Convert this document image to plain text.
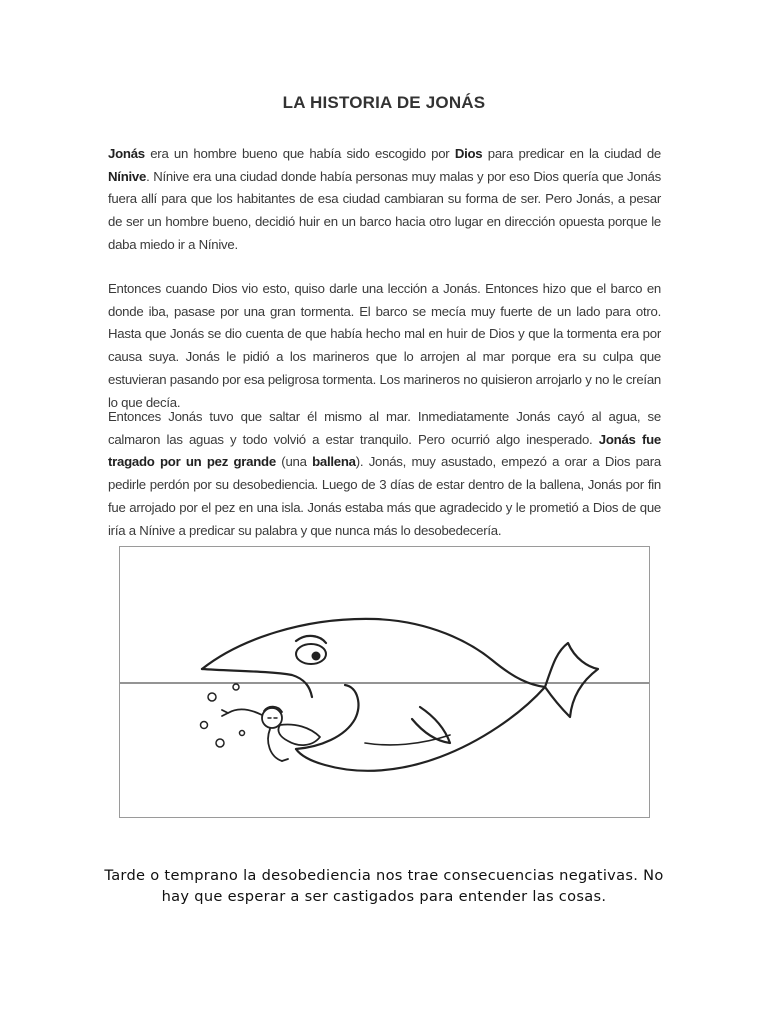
LA HISTORIA DE JONÁS

Jonás era un hombre bueno que había sido escogido por Dios para predicar en la ciudad de Nínive. Nínive era una ciudad donde había personas muy malas y por eso Dios quería que Jonás fuera allí para que los habitantes de esa ciudad cambiaran su forma de ser. Pero Jonás, a pesar de ser un hombre bueno, decidió huir en un barco hacia otro lugar en dirección opuesta porque le daba miedo ir a Nínive.

Entonces cuando Dios vio esto, quiso darle una lección a Jonás. Entonces hizo que el barco en donde iba, pasase por una gran tormenta. El barco se mecía muy fuerte de un lado para otro. Hasta que Jonás se dio cuenta de que había hecho mal en huir de Dios y que la tormenta era por causa suya. Jonás le pidió a los marineros que lo arrojen al mar porque era su culpa que estuvieran pasando por esa peligrosa tormenta. Los marineros no quisieron arrojarlo y no le creían lo que decía.

Entonces Jonás tuvo que saltar él mismo al mar. Inmediatamente Jonás cayó al agua, se calmaron las aguas y todo volvió a estar tranquilo. Pero ocurrió algo inesperado. Jonás fue tragado por un pez grande (una ballena). Jonás, muy asustado, empezó a orar a Dios para pedirle perdón por su desobediencia. Luego de 3 días de estar dentro de la ballena, Jonás por fin fue arrojado por el pez en una isla. Jonás estaba más que agradecido y le prometió a Dios de que iría a Nínive a predicar su palabra y que nunca más lo desobedecería.

Tarde o temprano la desobediencia nos trae consecuencias negativas. No hay que esperar a ser castigados para entender las cosas.
